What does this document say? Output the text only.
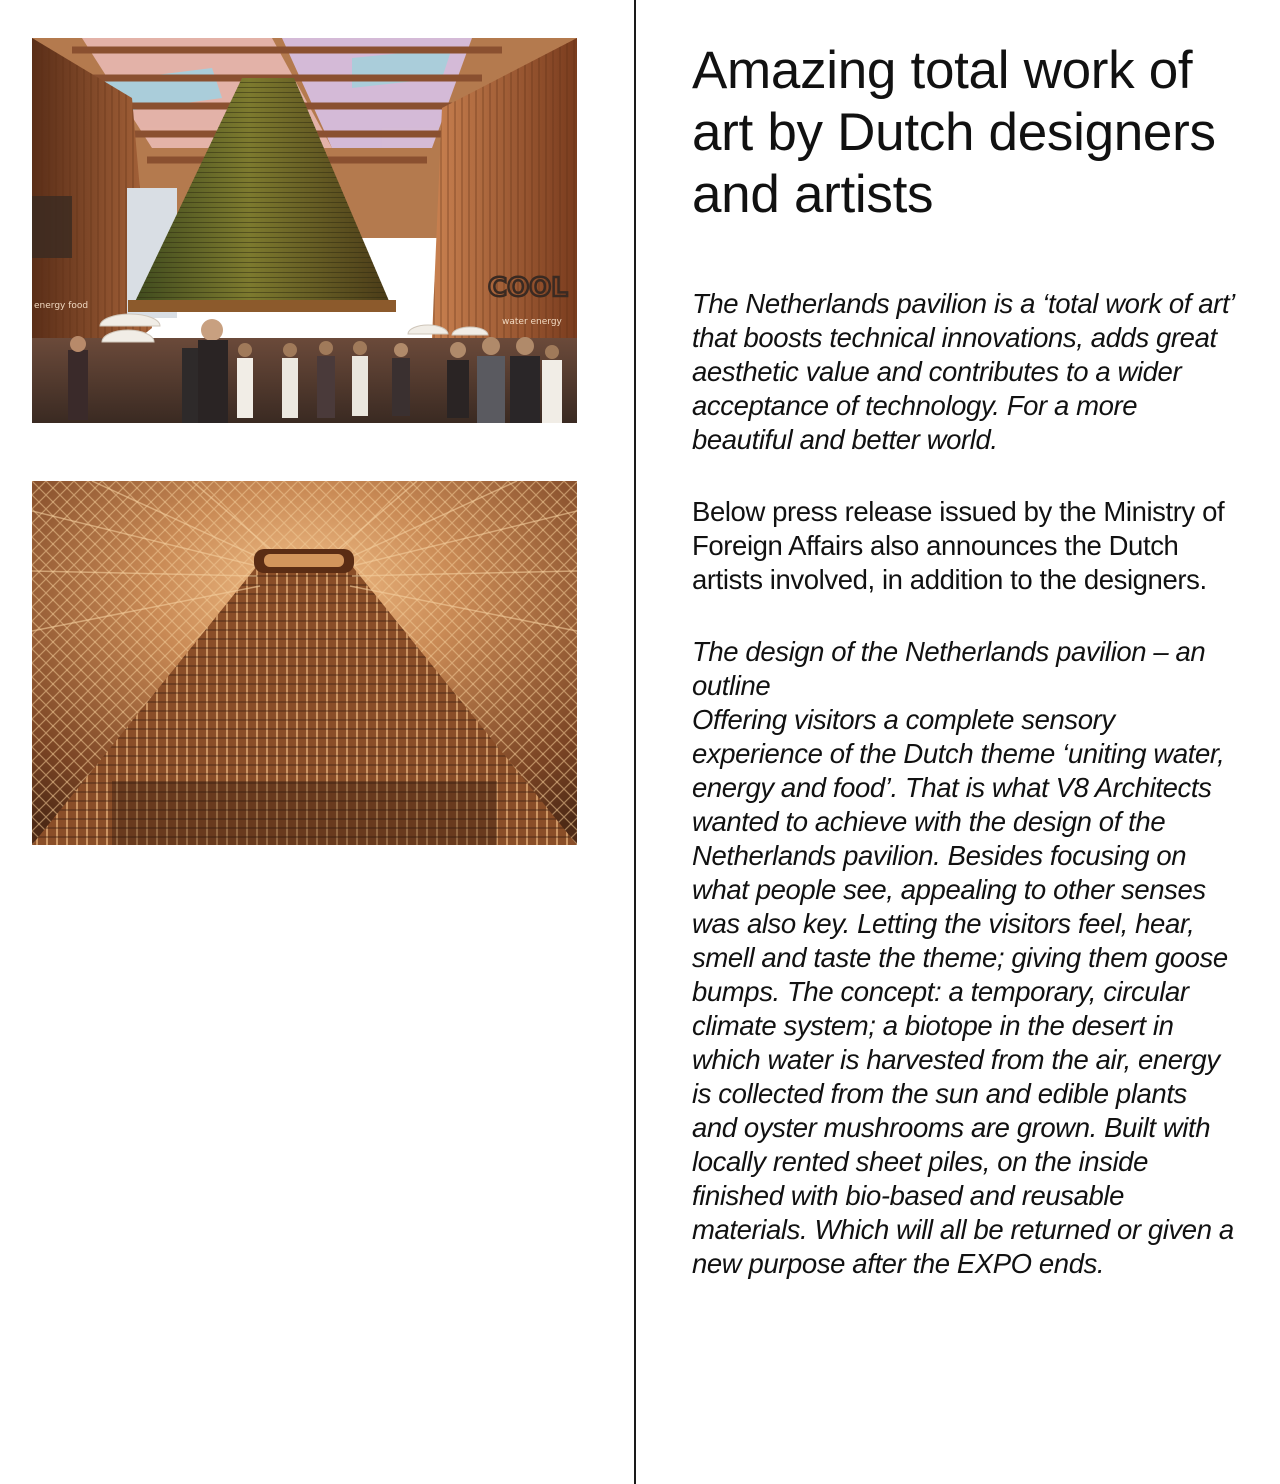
energy food
COOL
water energy
Amazing total work of art by Dutch designers and artists

The Netherlands pavilion is a ‘total work of art’ that boosts technical innovations, adds great aesthetic value and contributes to a wider acceptance of technology. For a more beautiful and better world.

Below press release issued by the Ministry of Foreign Affairs also announces the Dutch artists involved, in addition to the designers.

The design of the Netherlands pavilion – an outline

Offering visitors a complete sensory experience of the Dutch theme ‘uniting water, energy and food’. That is what V8 Architects wanted to achieve with the design of the Netherlands pavilion. Besides focusing on what people see, appealing to other senses was also key. Letting the visitors feel, hear, smell and taste the theme; giving them goose bumps. The concept: a temporary, circular climate system; a biotope in the desert in which water is harvested from the air, energy is collected from the sun and edible plants and oyster mushrooms are grown. Built with locally rented sheet piles, on the inside finished with bio-based and reusable materials. Which will all be returned or given a new purpose after the EXPO ends.
